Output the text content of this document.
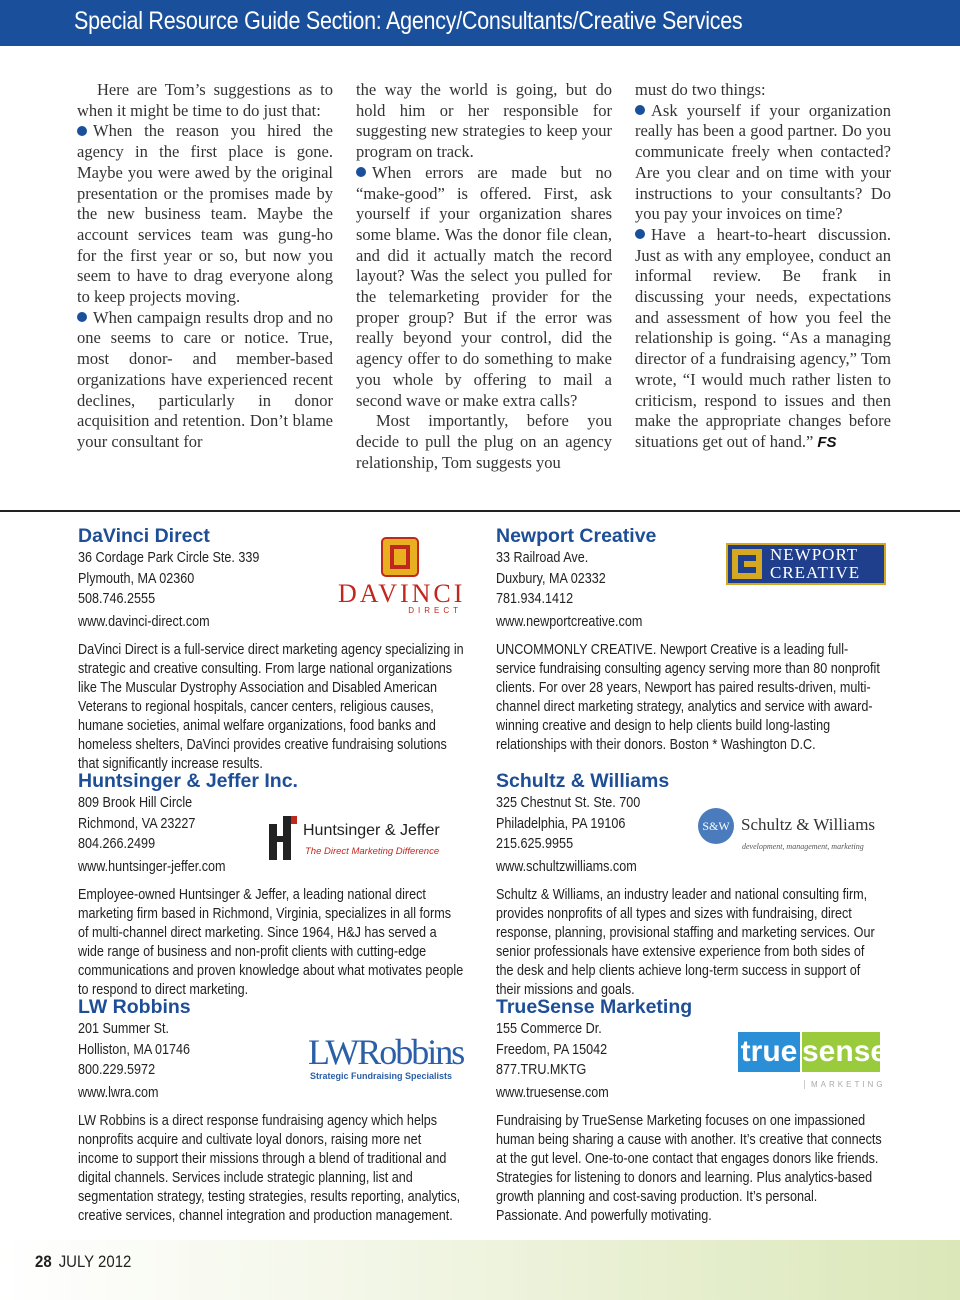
Special Resource Guide Section: Agency/Consultants/Creative Services

Here are Tom’s suggestions as to when it might be time to do just that:

When the reason you hired the agency in the first place is gone. Maybe you were awed by the original presentation or the promises made by the new business team. Maybe the account services team was gung-ho for the first year or so, but now you seem to have to drag everyone along to keep projects moving.

When campaign results drop and no one seems to care or notice. True, most donor- and member-based organizations have experienced recent declines, particularly in donor acquisition and retention. Don’t blame your consultant for

the way the world is going, but do hold him or her responsible for suggesting new strategies to keep your program on track.

When errors are made but no “make-good” is offered. First, ask yourself if your organization shares some blame. Was the donor file clean, and did it actually match the record layout? Was the select you pulled for the telemarketing provider for the proper group? But if the error was really beyond your control, did the agency offer to do something to make you whole by offering to mail a second wave or make extra calls?

Most importantly, before you decide to pull the plug on an agency relationship, Tom suggests you

must do two things:

Ask yourself if your organization really has been a good partner. Do you communicate freely when contacted? Are you clear and on time with your instructions to your consultants? Do you pay your invoices on time?

Have a heart-to-heart discussion. Just as with any employee, conduct an informal review. Be frank in discussing your needs, expectations and assessment of how you feel the relationship is going. “As a managing director of a fundraising agency,” Tom wrote, “I would much rather listen to criticism, respond to issues and then make the appropriate changes before situations get out of hand.” FS

DaVinci Direct

36 Cordage Park Circle Ste. 339

Plymouth, MA 02360

508.746.2555

www.davinci-direct.com

DaVinci Direct is a full-service direct marketing agency specializing in strategic and creative consulting. From large national organizations like The Muscular Dystrophy Association and Disabled American Veterans to regional hospitals, cancer centers, religious causes, humane societies, animal welfare organizations, food banks and homeless shelters, DaVinci provides creative fundraising solutions that significantly increase results.

DAVINCI
DIRECT

Newport Creative

33 Railroad Ave.

Duxbury, MA 02332

781.934.1412

www.newportcreative.com

UNCOMMONLY CREATIVE. Newport Creative is a leading full-service fundraising consulting agency serving more than 80 nonprofit clients. For over 28 years, Newport has paired results-driven, multi-channel direct marketing strategy, analytics and service with award-winning creative and design to help clients build long-lasting relationships with their donors. Boston * Washington D.C.

NEWPORT
CREATIVE

Huntsinger & Jeffer Inc.

809 Brook Hill Circle

Richmond, VA 23227

804.266.2499

www.huntsinger-jeffer.com

Employee-owned Huntsinger & Jeffer, a leading national direct marketing firm based in Richmond, Virginia, specializes in all forms of multi-channel direct marketing. Since 1964, H&J has served a wide range of business and non-profit clients with cutting-edge communications and proven knowledge about what motivates people to respond to direct marketing.

Huntsinger & Jeffer
The Direct Marketing Difference

Schultz & Williams

325 Chestnut St. Ste. 700

Philadelphia, PA 19106

215.625.9955

www.schultzwilliams.com

Schultz & Williams, an industry leader and national consulting firm, provides nonprofits of all types and sizes with fundraising, direct response, planning, provisional staffing and marketing services. Our senior professionals have extensive experience from both sides of the desk and help clients achieve long-term success in support of their missions and goals.

S&W Schultz & Williams
development, management, marketing

LW Robbins

201 Summer St.

Holliston, MA 01746

800.229.5972

www.lwra.com

LW Robbins is a direct response fundraising agency which helps nonprofits acquire and cultivate loyal donors, raising more net income to support their missions through a blend of traditional and digital channels. Services include strategic planning, list and segmentation strategy, testing strategies, results reporting, analytics, creative services, channel integration and production management.

LWRobbins
Strategic Fundraising Specialists

TrueSense Marketing

155 Commerce Dr.

Freedom, PA 15042

877.TRU.MKTG

www.truesense.com

Fundraising by TrueSense Marketing focuses on one impassioned human being sharing a cause with another. It’s creative that connects at the gut level. One-to-one contact that engages donors like friends. Strategies for listening to donors and learning. Plus analytics-based growth planning and cost-saving production. It’s personal. Passionate. And powerfully motivating.

true sense
MARKETING
28 JULY 2012
